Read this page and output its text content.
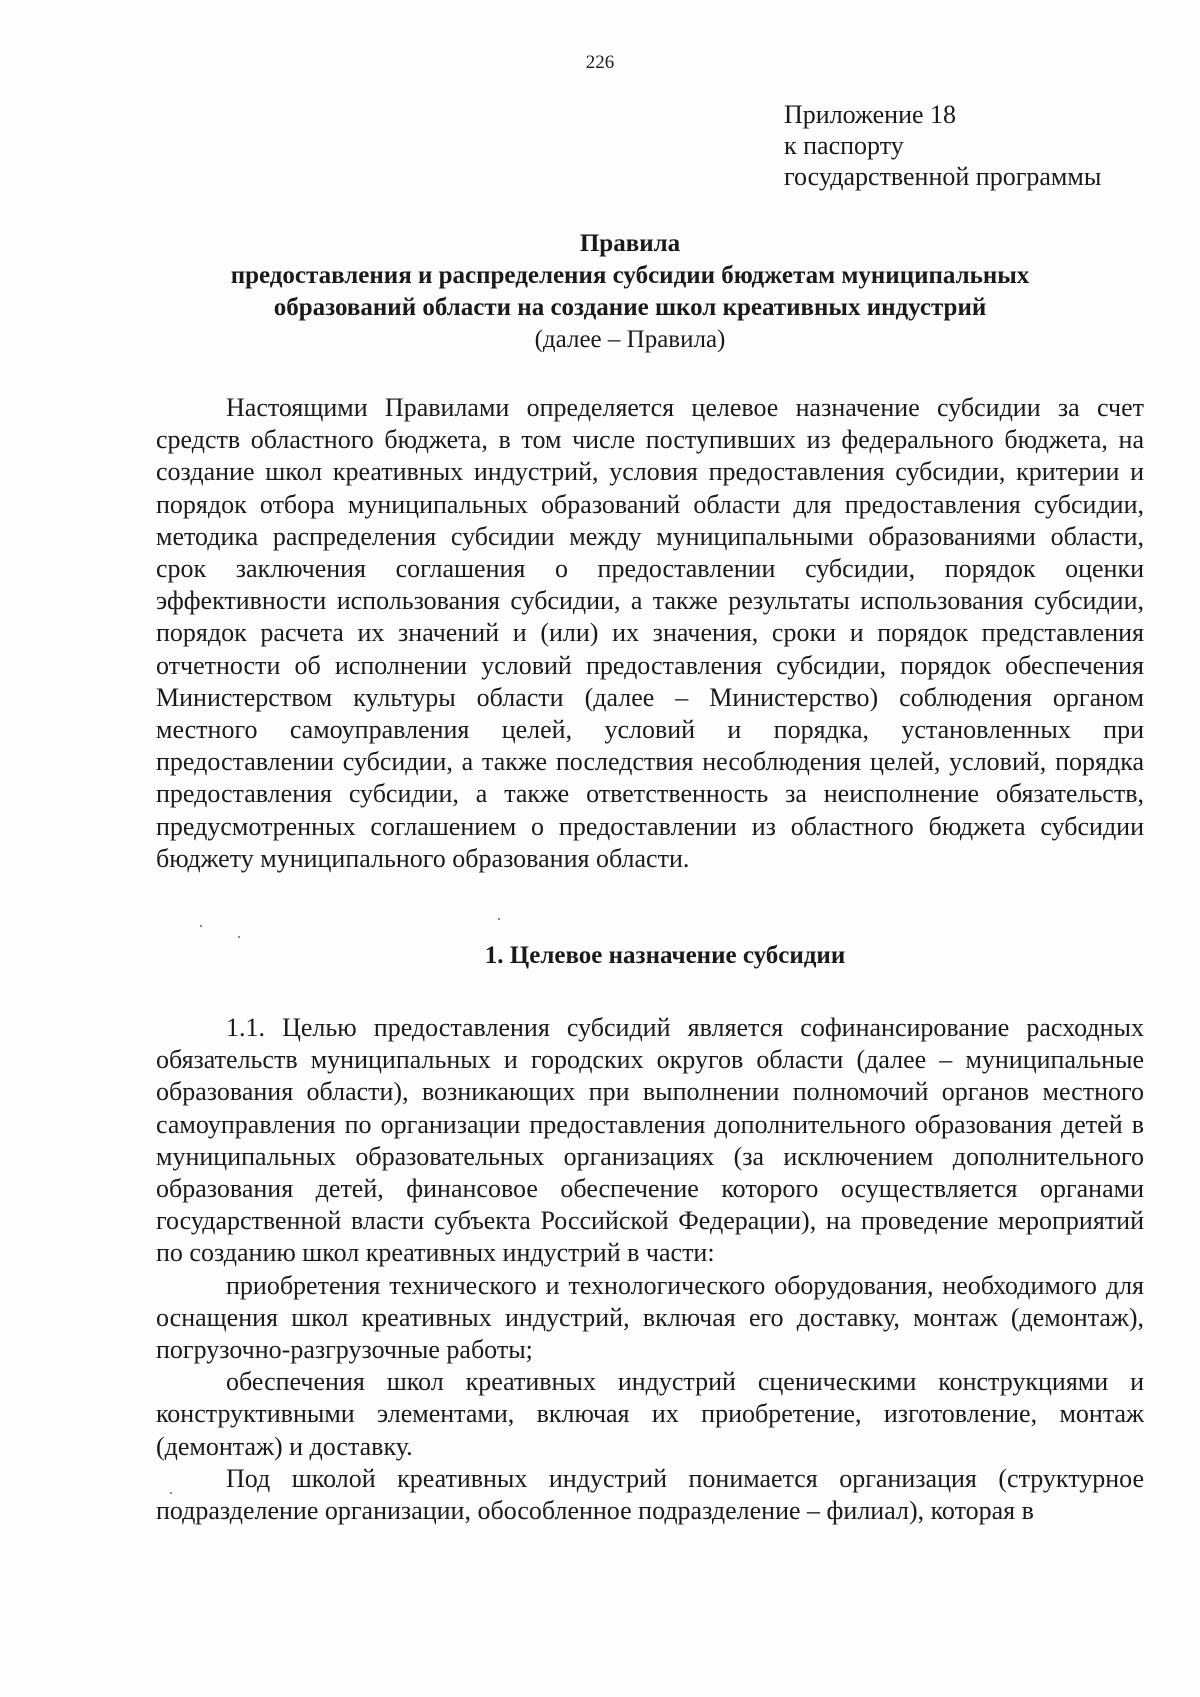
226
Приложение 18
к паспорту
государственной программы
Правила
предоставления и распределения субсидии бюджетам муниципальных
образований области на создание школ креативных индустрий
(далее – Правила)

Настоящими Правилами определяется целевое назначение субсидии за счет средств областного бюджета, в том числе поступивших из федерального бюджета, на создание школ креативных индустрий, условия предоставления субсидии, критерии и порядок отбора муниципальных образований области для предоставления субсидии, методика распределения субсидии между муниципальными образованиями области, срок заключения соглашения о предоставлении субсидии, порядок оценки эффективности использования субсидии, а также результаты использования субсидии, порядок расчета их значений и (или) их значения, сроки и порядок представления отчетности об исполнении условий предоставления субсидии, порядок обеспечения Министерством культуры области (далее – Министерство) соблюдения органом местного самоуправления целей, условий и порядка, установленных при предоставлении субсидии, а также последствия несоблюдения целей, условий, порядка предоставления субсидии, а также ответственность за неисполнение обязательств, предусмотренных соглашением о предоставлении из областного бюджета субсидии бюджету муниципального образования области.

1. Целевое назначение субсидии

1.1. Целью предоставления субсидий является софинансирование расходных обязательств муниципальных и городских округов области (далее – муниципальные образования области), возникающих при выполнении полномочий органов местного самоуправления по организации предоставления дополнительного образования детей в муниципальных образовательных организациях (за исключением дополнительного образования детей, финансовое обеспечение которого осуществляется органами государственной власти субъекта Российской Федерации), на проведение мероприятий по созданию школ креативных индустрий в части:

приобретения технического и технологического оборудования, необходимого для оснащения школ креативных индустрий, включая его доставку, монтаж (демонтаж), погрузочно-разгрузочные работы;

обеспечения школ креативных индустрий сценическими конструкциями и конструктивными элементами, включая их приобретение, изготовление, монтаж (демонтаж) и доставку.

Под школой креативных индустрий понимается организация (структурное подразделение организации, обособленное подразделение – филиал), которая в
